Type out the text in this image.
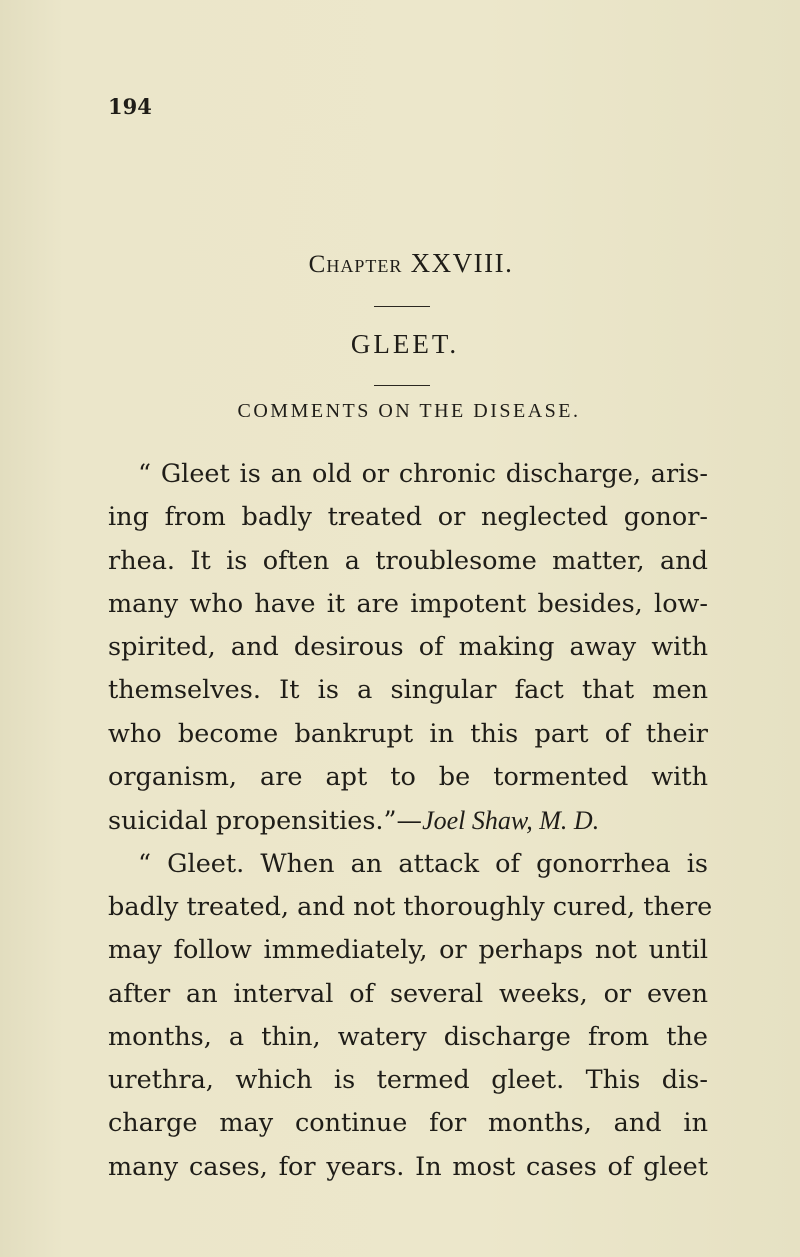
194
Chapter XXVIII.
GLEET.
COMMENTS ON THE DISEASE.
“ Gleet is an old or chronic discharge, aris-
ing from badly treated or neglected gonor-
rhea. It is often a troublesome matter, and
many who have it are impotent besides, low-
spirited, and desirous of making away with
themselves. It is a singular fact that men
who become bankrupt in this part of their
organism, are apt to be tormented with
suicidal propensities.”—Joel Shaw, M. D.
“ Gleet. When an attack of gonorrhea is
badly treated, and not thoroughly cured, there
may follow immediately, or perhaps not until
after an interval of several weeks, or even
months, a thin, watery discharge from the
urethra, which is termed gleet. This dis-
charge may continue for months, and in
many cases, for years. In most cases of gleet
